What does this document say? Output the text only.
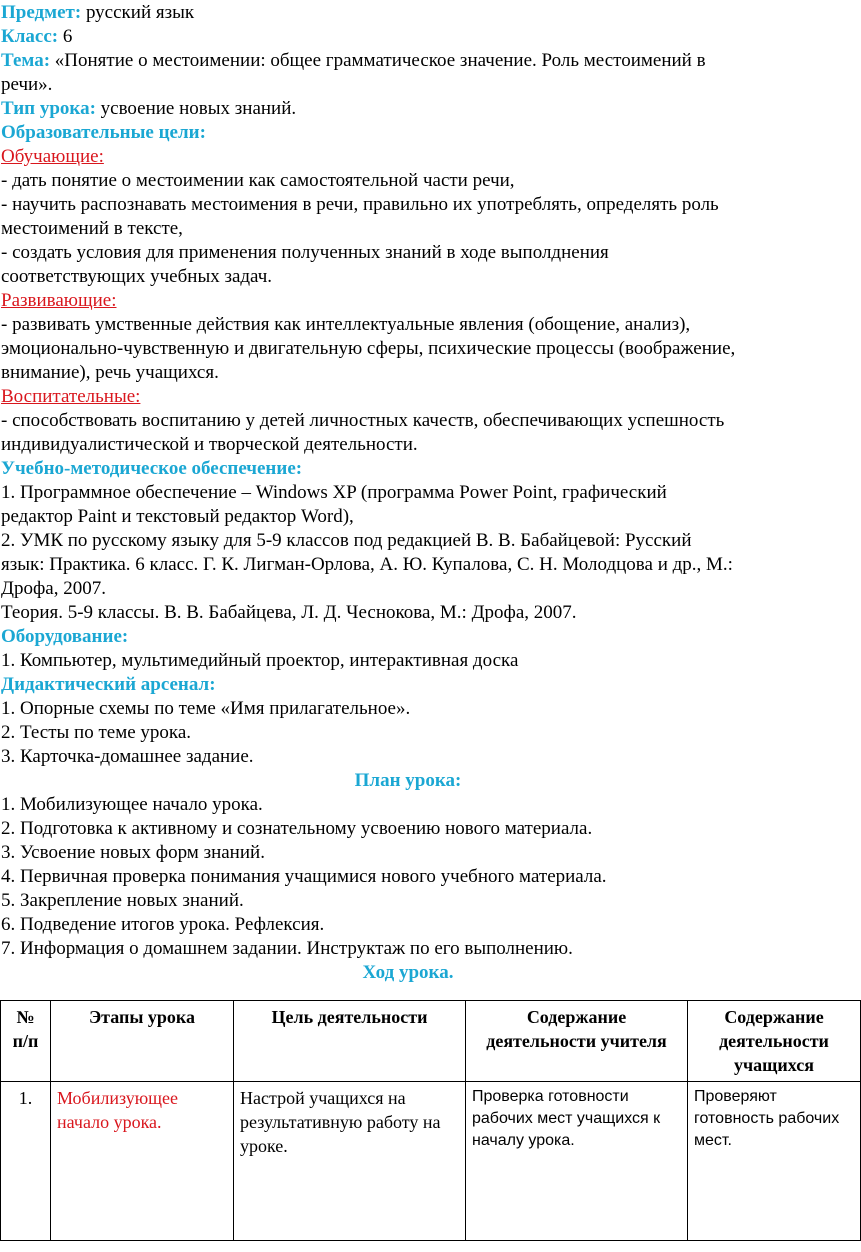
Предмет: русский язык

Класс: 6

Тема: «Понятие о местоимении: общее грамматическое значение. Роль местоимений в

речи».

Тип урока: усвоение новых знаний.

Образовательные цели:

Обучающие:

- дать понятие о местоимении как самостоятельной части речи,

- научить распознавать местоимения в речи, правильно их употреблять, определять роль

местоимений в тексте,

- создать условия для применения полученных знаний в ходе выполднения

соответствующих учебных задач.

Развивающие:

- развивать умственные действия как интеллектуальные явления (обощение, анализ),

эмоционально-чувственную и двигательную сферы, психические процессы (воображение,

внимание), речь учащихся.

Воспитательные:

- способствовать воспитанию у детей личностных качеств, обеспечивающих успешность

индивидуалистической и творческой деятельности.

Учебно-методическое обеспечение:

1. Программное обеспечение – Windows XP (программа Power Point, графический

редактор Paint и текстовый редактор Word),

2. УМК по русскому языку для 5-9 классов под редакцией В. В. Бабайцевой: Русский

язык: Практика. 6 класс. Г. К. Лигман-Орлова, А. Ю. Купалова, С. Н. Молодцова и др., М.:

Дрофа, 2007.

Теория. 5-9 классы. В. В. Бабайцева, Л. Д. Чеснокова, М.: Дрофа, 2007.

Оборудование:

1. Компьютер, мультимедийный проектор, интерактивная доска

Дидактический арсенал:

1. Опорные схемы по теме «Имя прилагательное».

2. Тесты по теме урока.

3. Карточка-домашнее задание.

План урока:

1. Мобилизующее начало урока.

2. Подготовка к активному и сознательному усвоению нового материала.

3. Усвоение новых форм знаний.

4. Первичная проверка понимания учащимися нового учебного материала.

5. Закрепление новых знаний.

6. Подведение итогов урока. Рефлексия.

7. Информация о домашнем задании. Инструктаж по его выполнению.

Ход урока.

№ п/п	Этапы урока	Цель деятельности	Содержание деятельности учителя	Содержание деятельности учащихся
1.	Мобилизующее начало урока.	Настрой учащихся на результативную работу на уроке.	Проверка готовности рабочих мест учащихся к началу урока.	Проверяют готовность рабочих мест.
